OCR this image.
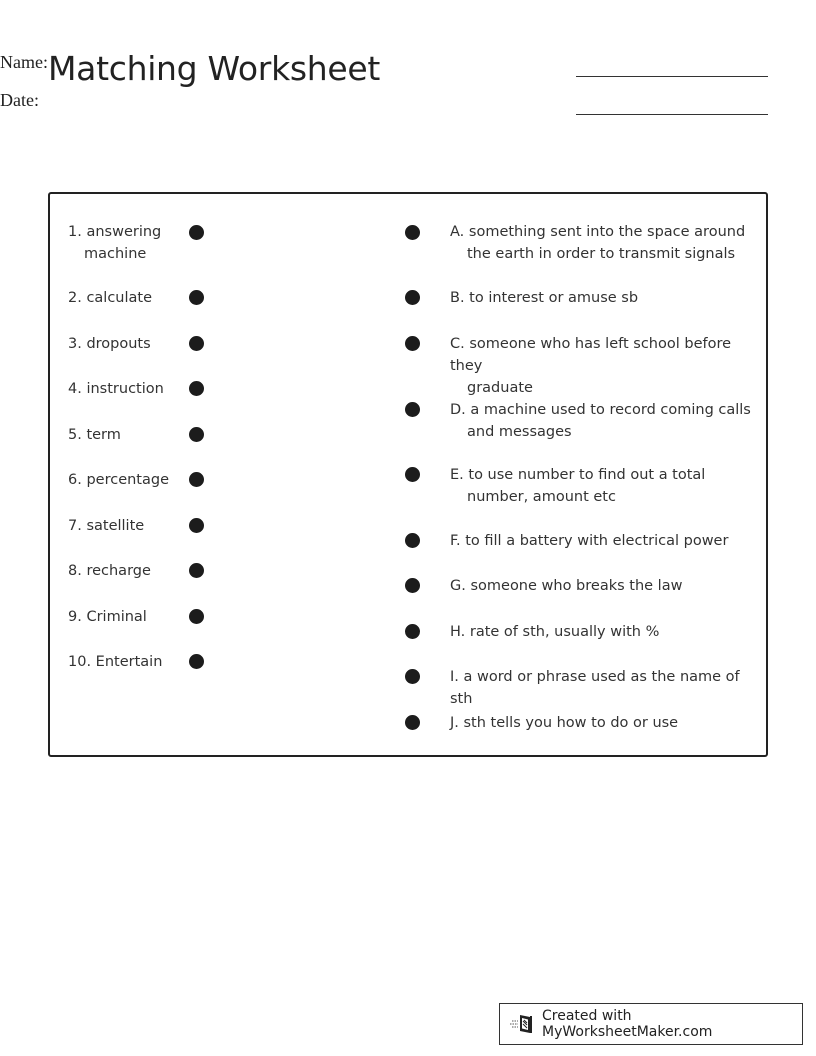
Matching Worksheet
Name:
Date:
1. answering
machine
2. calculate
3. dropouts
4. instruction
5. term
6. percentage
7. satellite
8. recharge
9. Criminal
10. Entertain
A. something sent into the space around
the earth in order to transmit signals
B. to interest or amuse sb
C. someone who has left school before they
graduate
D. a machine used to record coming calls
and messages
E. to use number to find out a total
number, amount etc
F. to fill a battery with electrical power
G. someone who breaks the law
H. rate of sth, usually with %
I. a word or phrase used as the name of sth
J. sth tells you how to do or use
Created with MyWorksheetMaker.com
